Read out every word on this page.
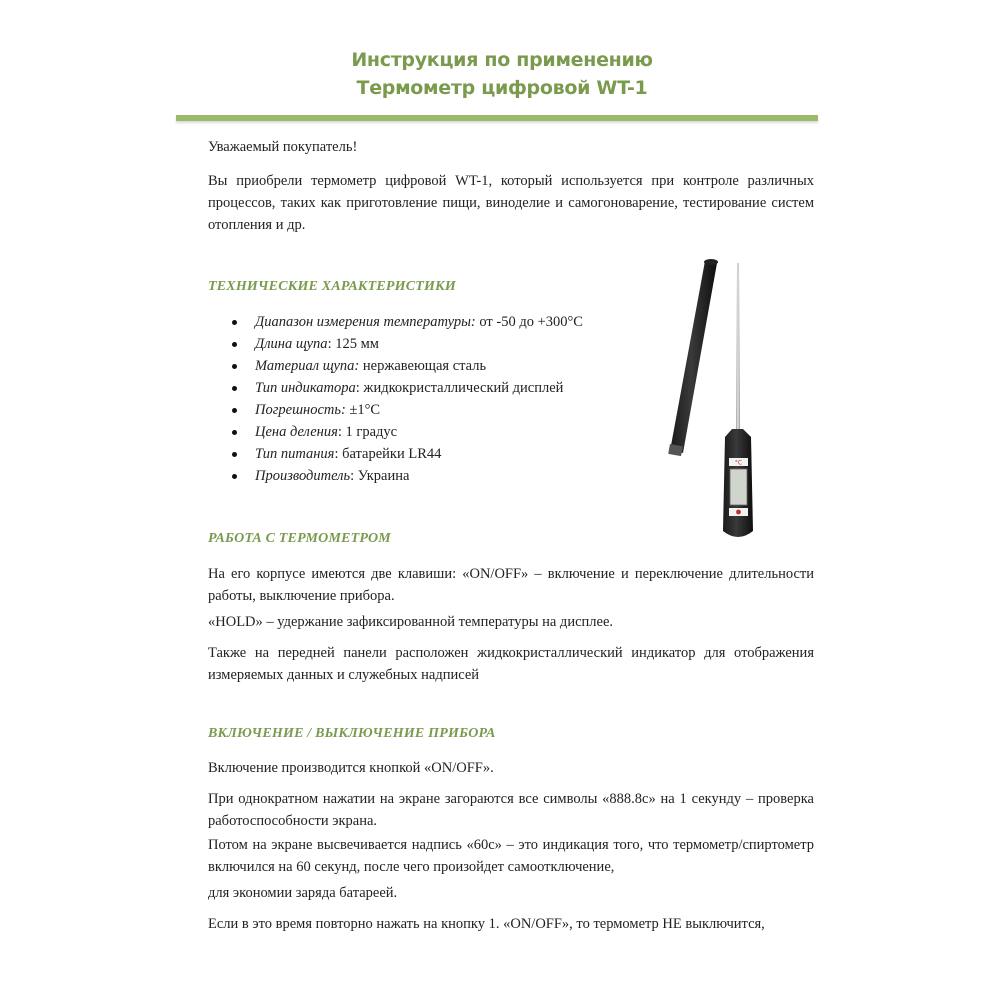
Инструкция по применению
Термометр цифровой WT-1

Уважаемый покупатель!

Вы приобрели термометр цифровой WT-1, который используется при контроле различных процессов, таких как приготовление пищи, виноделие и самогоноварение, тестирование систем отопления и др.

ТЕХНИЧЕСКИЕ ХАРАКТЕРИСТИКИ
Диапазон измерения температуры: от -50 до +300°С
Длина щупа: 125 мм
Материал щупа: нержавеющая сталь
Тип индикатора: жидкокристаллический дисплей
Погрешность: ±1°С
Цена деления: 1 градус
Тип питания: батарейки LR44
Производитель: Украина
°C
РАБОТА С ТЕРМОМЕТРОМ

На его корпусе имеются две клавиши: «ON/OFF» – включение и переключение длительности работы, выключение прибора.

«HOLD» – удержание зафиксированной температуры на дисплее.

Также на передней панели расположен жидкокристаллический индикатор для отображения измеряемых данных и служебных надписей

ВКЛЮЧЕНИЕ / ВЫКЛЮЧЕНИЕ ПРИБОРА

Включение производится кнопкой «ON/OFF».

При однократном нажатии на экране загораются все символы «888.8с» на 1 секунду – проверка работоспособности экрана.

Потом на экране высвечивается надпись «60с» – это индикация того, что термометр/спиртометр включился на 60 секунд, после чего произойдет самоотключение,

для экономии заряда батареей.

Если в это время повторно нажать на кнопку 1. «ON/OFF», то термометр НЕ выключится,
